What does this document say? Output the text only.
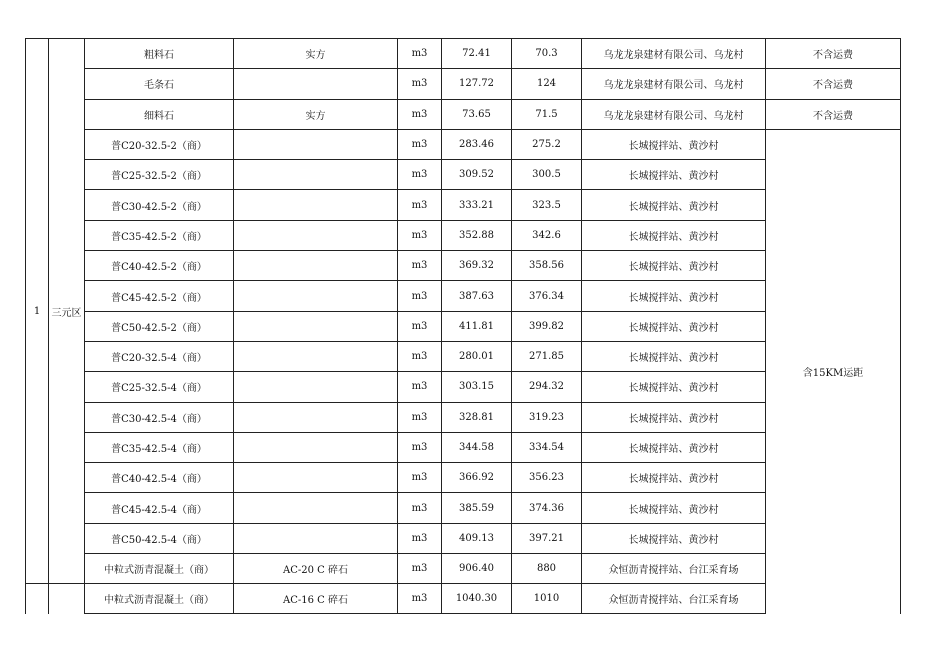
1	三元区	粗料石	实方	m3	72.41	70.3	乌龙龙泉建材有限公司、乌龙村	不含运费
		毛条石		m3	127.72	124	乌龙龙泉建材有限公司、乌龙村	不含运费
		细料石	实方	m3	73.65	71.5	乌龙龙泉建材有限公司、乌龙村	不含运费
		普C20-32.5-2（商）		m3	283.46	275.2	长城搅拌站、黄沙村	含15KM运距
		普C25-32.5-2（商）		m3	309.52	300.5	长城搅拌站、黄沙村	
		普C30-42.5-2（商）		m3	333.21	323.5	长城搅拌站、黄沙村	
		普C35-42.5-2（商）		m3	352.88	342.6	长城搅拌站、黄沙村	
		普C40-42.5-2（商）		m3	369.32	358.56	长城搅拌站、黄沙村	
		普C45-42.5-2（商）		m3	387.63	376.34	长城搅拌站、黄沙村	
		普C50-42.5-2（商）		m3	411.81	399.82	长城搅拌站、黄沙村	
		普C20-32.5-4（商）		m3	280.01	271.85	长城搅拌站、黄沙村	
		普C25-32.5-4（商）		m3	303.15	294.32	长城搅拌站、黄沙村	
		普C30-42.5-4（商）		m3	328.81	319.23	长城搅拌站、黄沙村	
		普C35-42.5-4（商）		m3	344.58	334.54	长城搅拌站、黄沙村	
		普C40-42.5-4（商）		m3	366.92	356.23	长城搅拌站、黄沙村	
		普C45-42.5-4（商）		m3	385.59	374.36	长城搅拌站、黄沙村	
		普C50-42.5-4（商）		m3	409.13	397.21	长城搅拌站、黄沙村	
		中粒式沥青混凝土（商）	AC-20 C 碎石	m3	906.40	880	众恒沥青搅拌站、台江采育场	
		中粒式沥青混凝土（商）	AC-16 C 碎石	m3	1040.30	1010	众恒沥青搅拌站、台江采育场	
